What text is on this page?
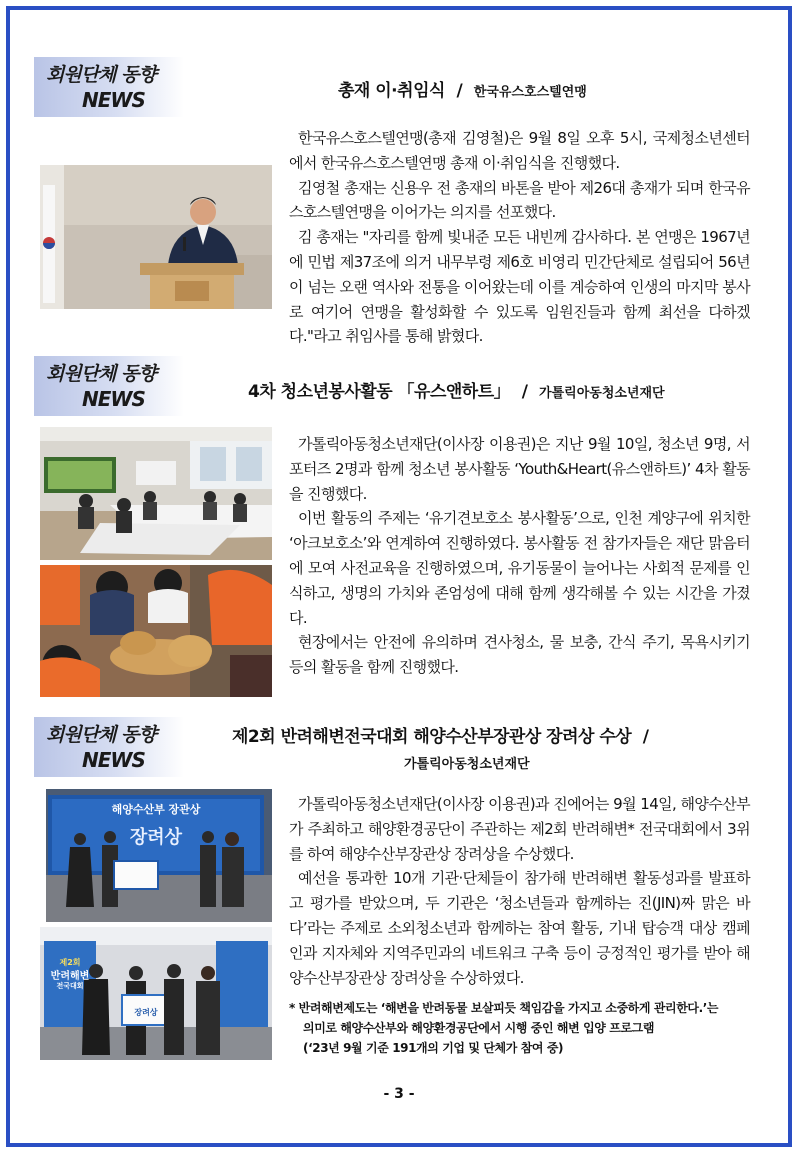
회원단체 동향
NEWS	총재 이·취임식 / 한국유스호스텔연맹

한국유스호스텔연맹(총재 김영철)은 9월 8일 오후 5시, 국제청소년센터에서 한국유스호스텔연맹 총재 이·취임식을 진행했다.

김영철 총재는 신용우 전 총재의 바톤을 받아 제26대 총재가 되며 한국유스호스텔연맹을 이어가는 의지를 선포했다.

김 총재는 "자리를 함께 빛내준 모든 내빈께 감사하다. 본 연맹은 1967년에 민법 제37조에 의거 내무부령 제6호 비영리 민간단체로 설립되어 56년이 넘는 오랜 역사와 전통을 이어왔는데 이를 계승하여 인생의 마지막 봉사로 여기어 연맹을 활성화할 수 있도록 임원진들과 함께 최선을 다하겠다."라고 취임사를 통해 밝혔다.

회원단체 동향
NEWS	4차 청소년봉사활동 「유스앤하트」 / 가톨릭아동청소년재단

가톨릭아동청소년재단(이사장 이용권)은 지난 9월 10일, 청소년 9명, 서포터즈 2명과 함께 청소년 봉사활동 ‘Youth&Heart(유스앤하트)’ 4차 활동을 진행했다.

이번 활동의 주제는 ‘유기견보호소 봉사활동’으로, 인천 계양구에 위치한 ‘아크보호소’와 연계하여 진행하였다. 봉사활동 전 참가자들은 재단 맑음터에 모여 사전교육을 진행하였으며, 유기동물이 늘어나는 사회적 문제를 인식하고, 생명의 가치와 존엄성에 대해 함께 생각해볼 수 있는 시간을 가졌다.

현장에서는 안전에 유의하며 견사청소, 물 보충, 간식 주기, 목욕시키기 등의 활동을 함께 진행했다.

회원단체 동향
NEWS
제2회 반려해변전국대회 해양수산부장관상 장려상 수상 /
가톨릭아동청소년재단
해양수산부 장관상
장려상
제2회
반려해변
전국대회
장려상

가톨릭아동청소년재단(이사장 이용권)과 진에어는 9월 14일, 해양수산부가 주최하고 해양환경공단이 주관하는 제2회 반려해변* 전국대회에서 3위를 하여 해양수산부장관상 장려상을 수상했다.

예선을 통과한 10개 기관·단체들이 참가해 반려해변 활동성과를 발표하고 평가를 받았으며, 두 기관은 ‘청소년들과 함께하는 진(JIN)짜 맑은 바다’라는 주제로 소외청소년과 함께하는 참여 활동, 기내 탑승객 대상 캠페인과 지자체와 지역주민과의 네트워크 구축 등이 긍정적인 평가를 받아 해양수산부장관상 장려상을 수상하였다.

* 반려해변제도는 ‘해변을 반려동물 보살피듯 책임감을 가지고 소중하게 관리한다.’는
의미로 해양수산부와 해양환경공단에서 시행 중인 해변 입양 프로그램
(‘23년 9월 기준 191개의 기업 및 단체가 참여 중)
- 3 -
